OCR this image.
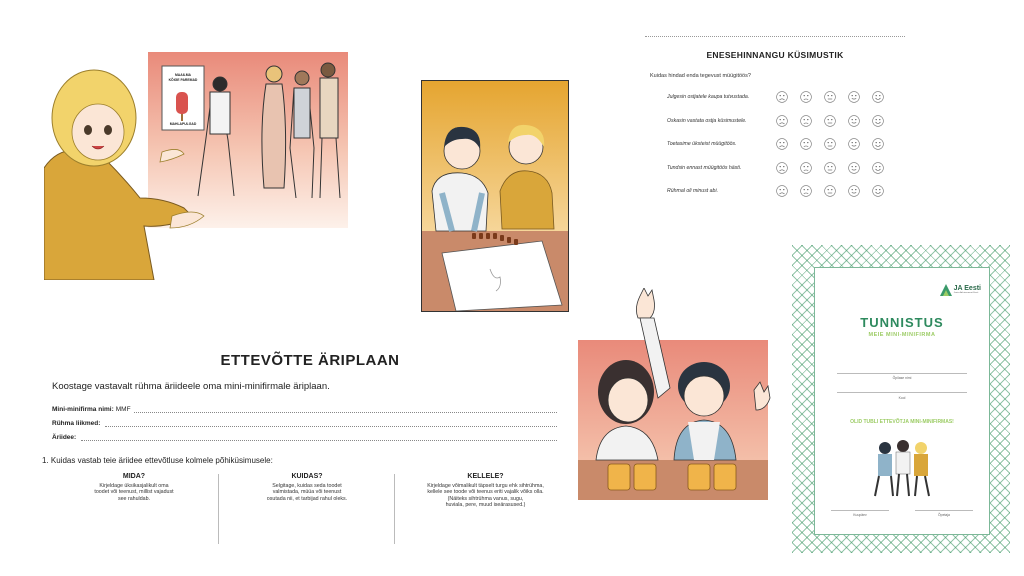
MAAILMA
KÕIGE PAREMAD
MAHLAPULGAD
ETTEVÕTTE ÄRIPLAAN
Koostage vastavalt rühma äriideele oma mini-minifirmale äriplaan.
Mini-minifirma nimi: MMF
Rühma liikmed:
Äriidee:
1. Kuidas vastab teie äriidee ettevõtluse kolmele põhiküsimusele:
MIDA?
Kirjeldage üksikasjalikult oma
toodet või teenust, millist vajadust
see rahuldab.
KUIDAS?
Selgitage, kuidas seda toodet
valmistada, müüa või teenust
osutada nii, et tarbijad rahul oleks.
KELLELE?
Kirjeldage võimalikult täpselt turgu ehk sihtrühma,
kellele see toode või teenus eriti vajalik võiks olla.
(Näiteks sihtrühma vanus, sugu,
huviala, pere, muud iseärasused.)
ENESEHINNANGU KÜSIMUSTIK
Kuidas hindad enda tegevust müügitöös?
Julgesin ostjatele kaupa tutvustada.
Oskasin vastata ostja küsimustele.
Toetasime üksteist müügitöös.
Tundsin ennast müügitöös hästi.
Rühmal oli minust abi.
JA Eesti
Junior Achievement Eesti
TUNNISTUS
MEIE MINI-MINIFIRMA
Õpilase nimi
Kool
OLID TUBLI ETTEVÕTJA MINI-MINIFIRMAS!
Kuupäev	Õpetaja
